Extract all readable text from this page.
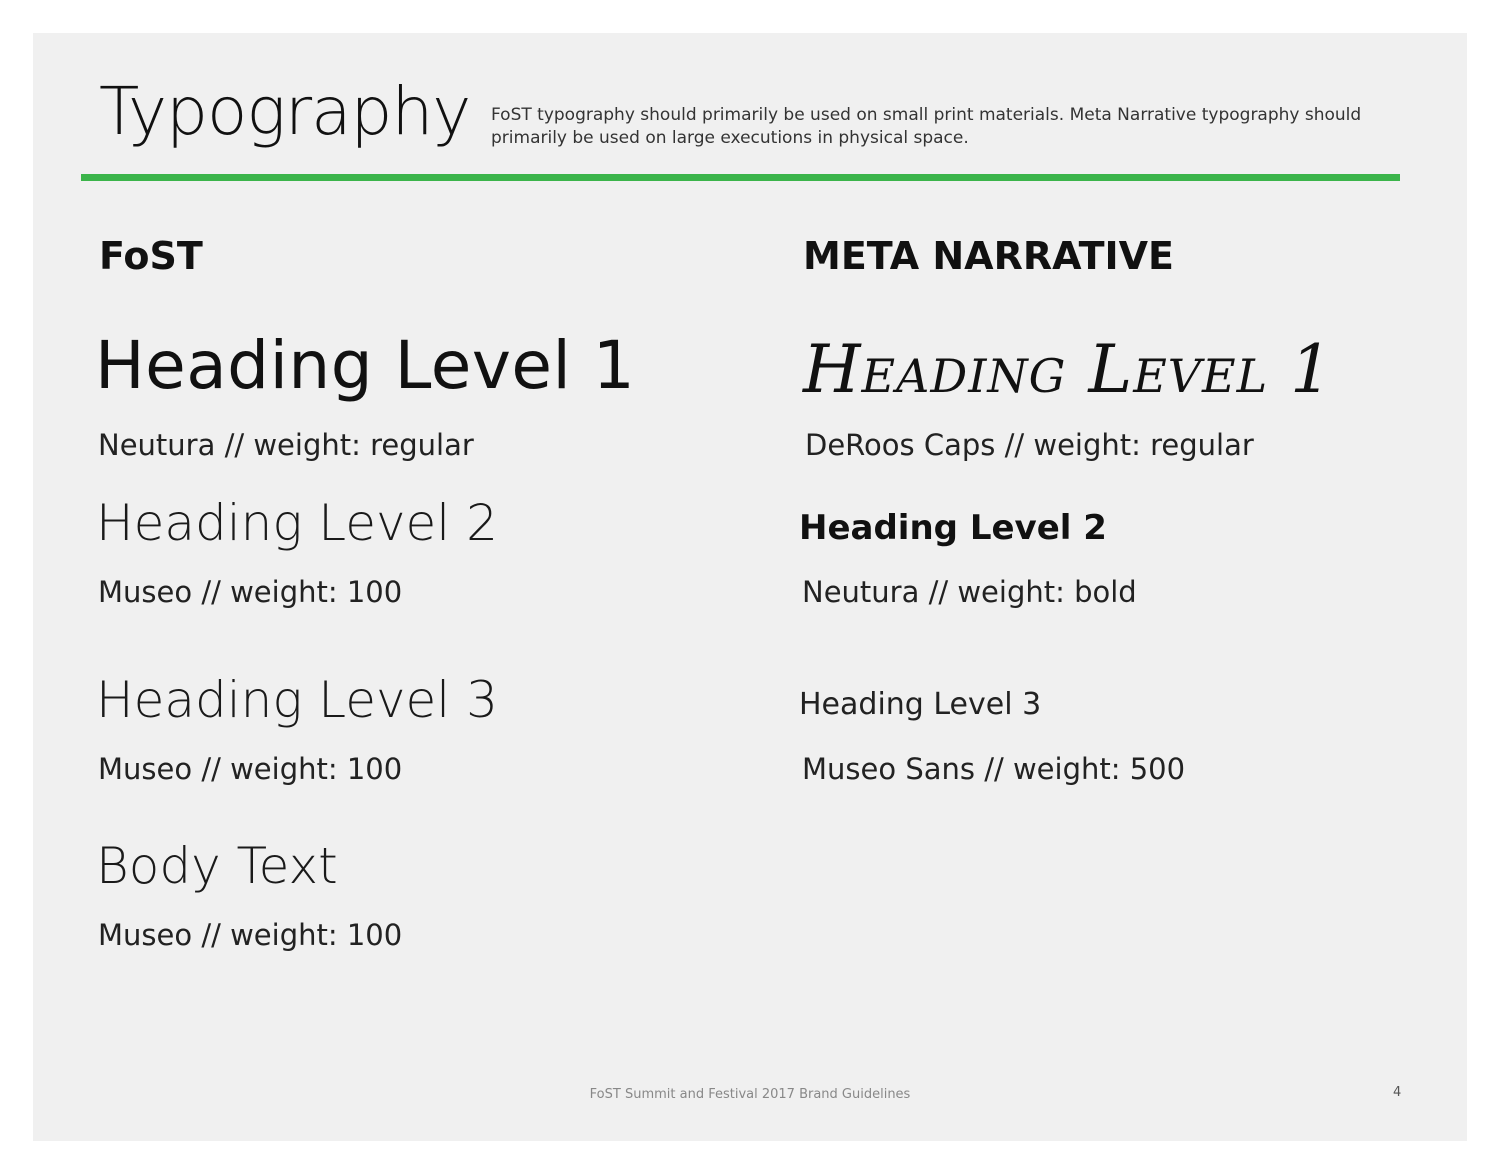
Typography FoST typography should primarily be used on small print materials. Meta Narrative typography should primarily be used on large executions in physical space.

FoST
Heading Level 1
Neutura // weight: regular
Heading Level 2
Museo // weight: 100
Heading Level 3
Museo // weight: 100
Body Text
Museo // weight: 100
META NARRATIVE
Heading Level 1
DeRoos Caps // weight: regular
Heading Level 2
Neutura // weight: bold
Heading Level 3
Museo Sans // weight: 500
FoST Summit and Festival 2017 Brand Guidelines	4
